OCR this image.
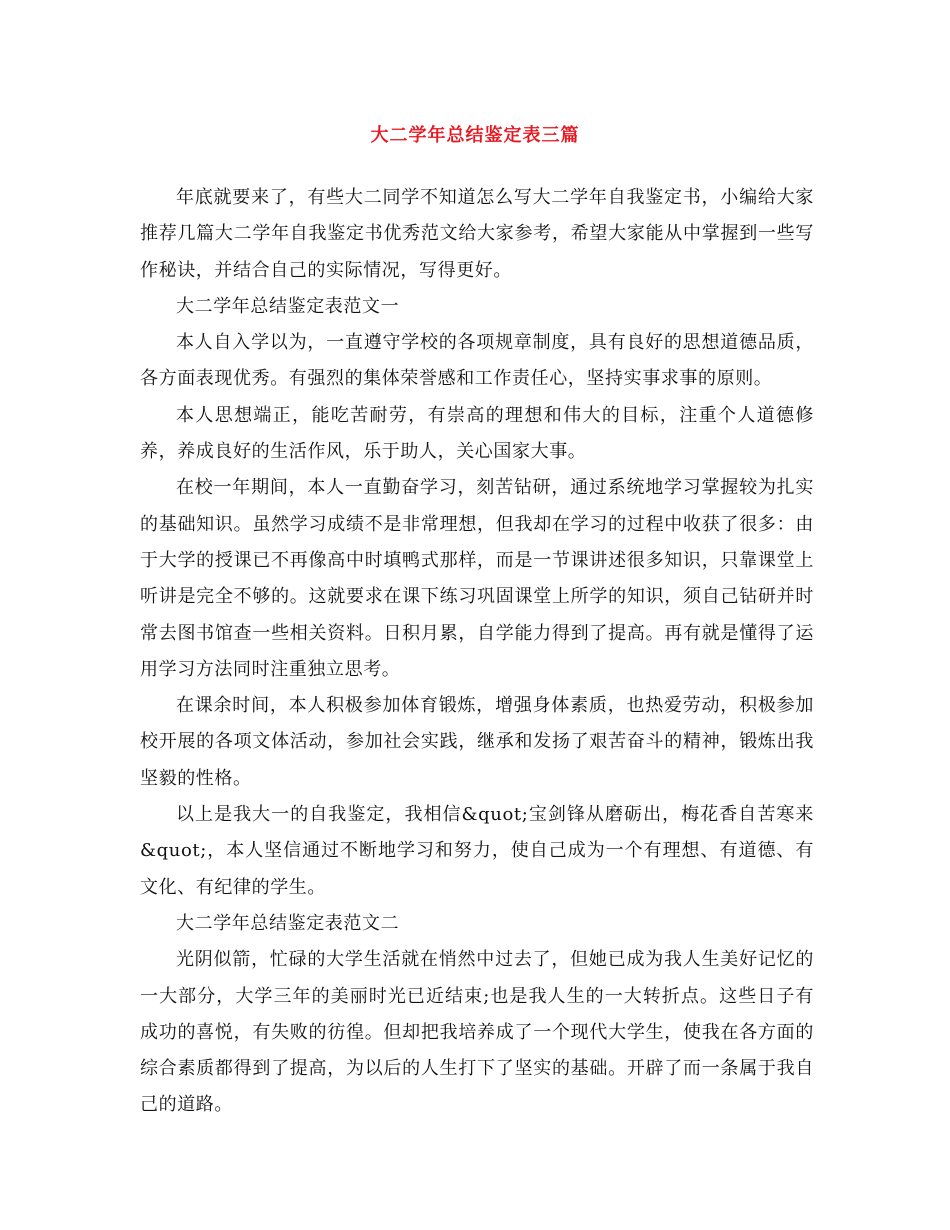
大二学年总结鉴定表三篇

年底就要来了，有些大二同学不知道怎么写大二学年自我鉴定书，小编给大家推荐几篇大二学年自我鉴定书优秀范文给大家参考，希望大家能从中掌握到一些写作秘诀，并结合自己的实际情况，写得更好。

大二学年总结鉴定表范文一

本人自入学以为，一直遵守学校的各项规章制度，具有良好的思想道德品质，各方面表现优秀。有强烈的集体荣誉感和工作责任心，坚持实事求事的原则。

本人思想端正，能吃苦耐劳，有崇高的理想和伟大的目标，注重个人道德修养，养成良好的生活作风，乐于助人，关心国家大事。

在校一年期间，本人一直勤奋学习，刻苦钻研，通过系统地学习掌握较为扎实的基础知识。虽然学习成绩不是非常理想，但我却在学习的过程中收获了很多：由于大学的授课已不再像高中时填鸭式那样，而是一节课讲述很多知识，只靠课堂上听讲是完全不够的。这就要求在课下练习巩固课堂上所学的知识，须自己钻研并时常去图书馆查一些相关资料。日积月累，自学能力得到了提高。再有就是懂得了运用学习方法同时注重独立思考。

在课余时间，本人积极参加体育锻炼，增强身体素质，也热爱劳动，积极参加校开展的各项文体活动，参加社会实践，继承和发扬了艰苦奋斗的精神，锻炼出我坚毅的性格。

以上是我大一的自我鉴定，我相信&quot;宝剑锋从磨砺出，梅花香自苦寒来&quot;，本人坚信通过不断地学习和努力，使自己成为一个有理想、有道德、有文化、有纪律的学生。

大二学年总结鉴定表范文二

光阴似箭，忙碌的大学生活就在悄然中过去了，但她已成为我人生美好记忆的一大部分，大学三年的美丽时光已近结束;也是我人生的一大转折点。这些日子有成功的喜悦，有失败的彷徨。但却把我培养成了一个现代大学生，使我在各方面的综合素质都得到了提高，为以后的人生打下了坚实的基础。开辟了而一条属于我自己的道路。
